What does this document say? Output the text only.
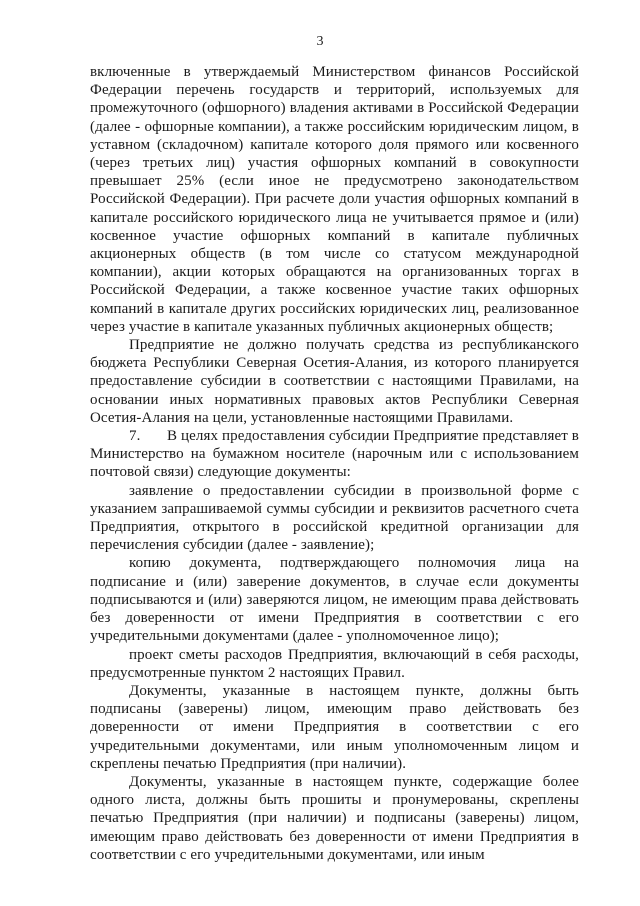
3

включенные в утверждаемый Министерством финансов Российской Федерации перечень государств и территорий, используемых для промежуточного (офшорного) владения активами в Российской Федерации (далее - офшорные компании), а также российским юридическим лицом, в уставном (складочном) капитале которого доля прямого или косвенного (через третьих лиц) участия офшорных компаний в совокупности превышает 25% (если иное не предусмотрено законодательством Российской Федерации). При расчете доли участия офшорных компаний в капитале российского юридического лица не учитывается прямое и (или) косвенное участие офшорных компаний в капитале публичных акционерных обществ (в том числе со статусом международной компании), акции которых обращаются на организованных торгах в Российской Федерации, а также косвенное участие таких офшорных компаний в капитале других российских юридических лиц, реализованное через участие в капитале указанных публичных акционерных обществ;

Предприятие не должно получать средства из республиканского бюджета Республики Северная Осетия-Алания, из которого планируется предоставление субсидии в соответствии с настоящими Правилами, на основании иных нормативных правовых актов Республики Северная Осетия-Алания на цели, установленные настоящими Правилами.

7. В целях предоставления субсидии Предприятие представляет в Министерство на бумажном носителе (нарочным или с использованием почтовой связи) следующие документы:

заявление о предоставлении субсидии в произвольной форме с указанием запрашиваемой суммы субсидии и реквизитов расчетного счета Предприятия, открытого в российской кредитной организации для перечисления субсидии (далее - заявление);

копию документа, подтверждающего полномочия лица на подписание и (или) заверение документов, в случае если документы подписываются и (или) заверяются лицом, не имеющим права действовать без доверенности от имени Предприятия в соответствии с его учредительными документами (далее - уполномоченное лицо);

проект сметы расходов Предприятия, включающий в себя расходы, предусмотренные пунктом 2 настоящих Правил.

Документы, указанные в настоящем пункте, должны быть подписаны (заверены) лицом, имеющим право действовать без доверенности от имени Предприятия в соответствии с его учредительными документами, или иным уполномоченным лицом и скреплены печатью Предприятия (при наличии).

Документы, указанные в настоящем пункте, содержащие более одного листа, должны быть прошиты и пронумерованы, скреплены печатью Предприятия (при наличии) и подписаны (заверены) лицом, имеющим право действовать без доверенности от имени Предприятия в соответствии с его учредительными документами, или иным
